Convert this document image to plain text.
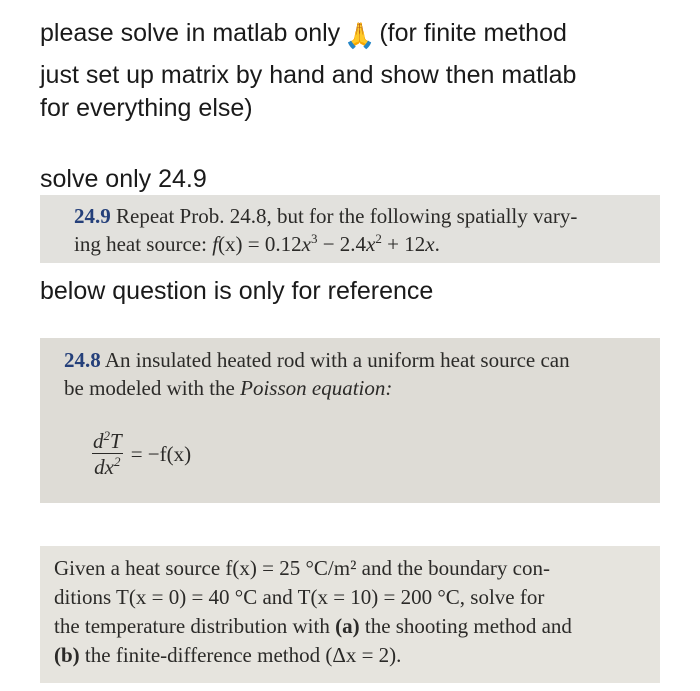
please solve in matlab only 🙏 (for finite method
just set up matrix by hand and show then matlab
for everything else)
solve only 24.9
24.9 Repeat Prob. 24.8, but for the following spatially vary-
ing heat source: $f(x) = 0.12x^3 - 2.4x^2 + 12x$.
below question is only for reference
24.8 An insulated heated rod with a uniform heat source can
be modeled with the Poisson equation:
$\frac{d^2T}{dx^2} = -f(x)$
Given a heat source f(x) = 25 °C/m² and the boundary con-
ditions T(x = 0) = 40 °C and T(x = 10) = 200 °C, solve for
the temperature distribution with (a) the shooting method and
(b) the finite-difference method (Δx = 2).
